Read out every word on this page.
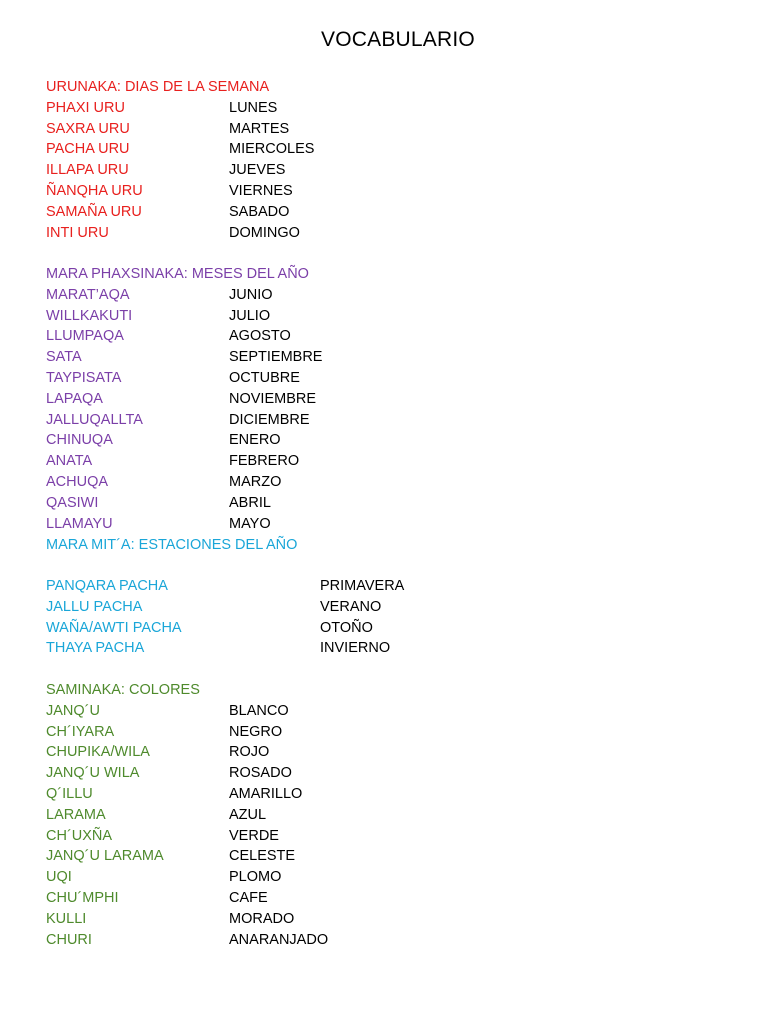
VOCABULARIO
URUNAKA: DIAS DE LA SEMANA
PHAXI URU	LUNES
SAXRA URU	MARTES
PACHA URU	MIERCOLES
ILLAPA URU	JUEVES
ÑANQHA URU	VIERNES
SAMAÑA URU	SABADO
INTI URU	DOMINGO
MARA PHAXSINAKA: MESES DEL AÑO
MARAT’AQA	JUNIO
WILLKAKUTI	JULIO
LLUMPAQA	AGOSTO
SATA	SEPTIEMBRE
TAYPISATA	OCTUBRE
LAPAQA	NOVIEMBRE
JALLUQALLTA	DICIEMBRE
CHINUQA	ENERO
ANATA	FEBRERO
ACHUQA	MARZO
QASIWI	ABRIL
LLAMAYU	MAYO
MARA MIT´A: ESTACIONES DEL AÑO
PANQARA PACHA	PRIMAVERA
JALLU PACHA	VERANO
WAÑA/AWTI PACHA	OTOÑO
THAYA PACHA	INVIERNO
SAMINAKA: COLORES
JANQ´U	BLANCO
CH´IYARA	NEGRO
CHUPIKA/WILA	ROJO
JANQ´U WILA	ROSADO
Q´ILLU	AMARILLO
LARAMA	AZUL
CH´UXÑA	VERDE
JANQ´U LARAMA	CELESTE
UQI	PLOMO
CHU´MPHI	CAFE
KULLI	MORADO
CHURI	ANARANJADO
